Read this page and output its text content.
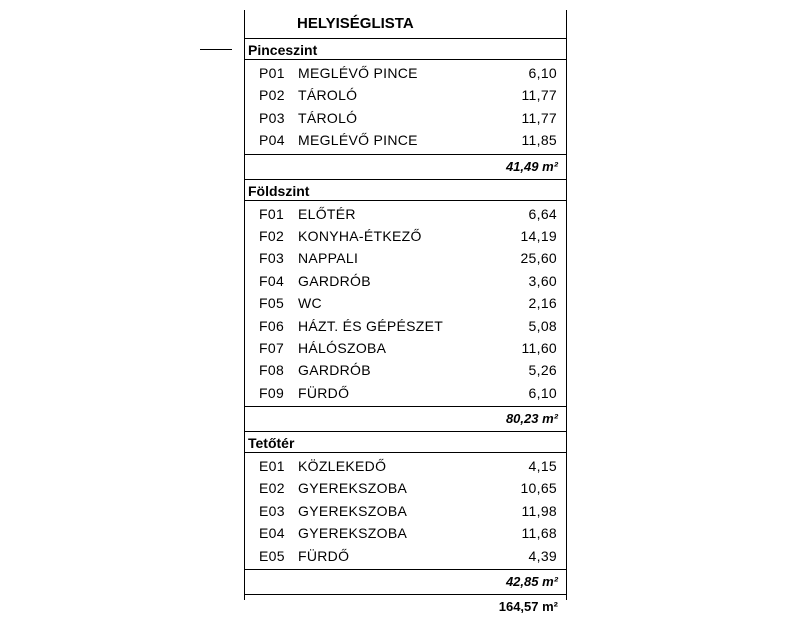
HELYISÉGLISTA
Pinceszint
P01 MEGLÉVŐ PINCE	6,10
P02 TÁROLÓ	11,77
P03 TÁROLÓ	11,77
P04 MEGLÉVŐ PINCE	11,85
41,49 m²
Földszint
F01 ELŐTÉR	6,64
F02 KONYHA-ÉTKEZŐ	14,19
F03 NAPPALI	25,60
F04 GARDRÓB	3,60
F05 WC	2,16
F06 HÁZT. ÉS GÉPÉSZET	5,08
F07 HÁLÓSZOBA	11,60
F08 GARDRÓB	5,26
F09 FÜRDŐ	6,10
80,23 m²
Tetőtér
E01 KÖZLEKEDŐ	4,15
E02 GYEREKSZOBA	10,65
E03 GYEREKSZOBA	11,98
E04 GYEREKSZOBA	11,68
E05 FÜRDŐ	4,39
42,85 m²
164,57 m²
